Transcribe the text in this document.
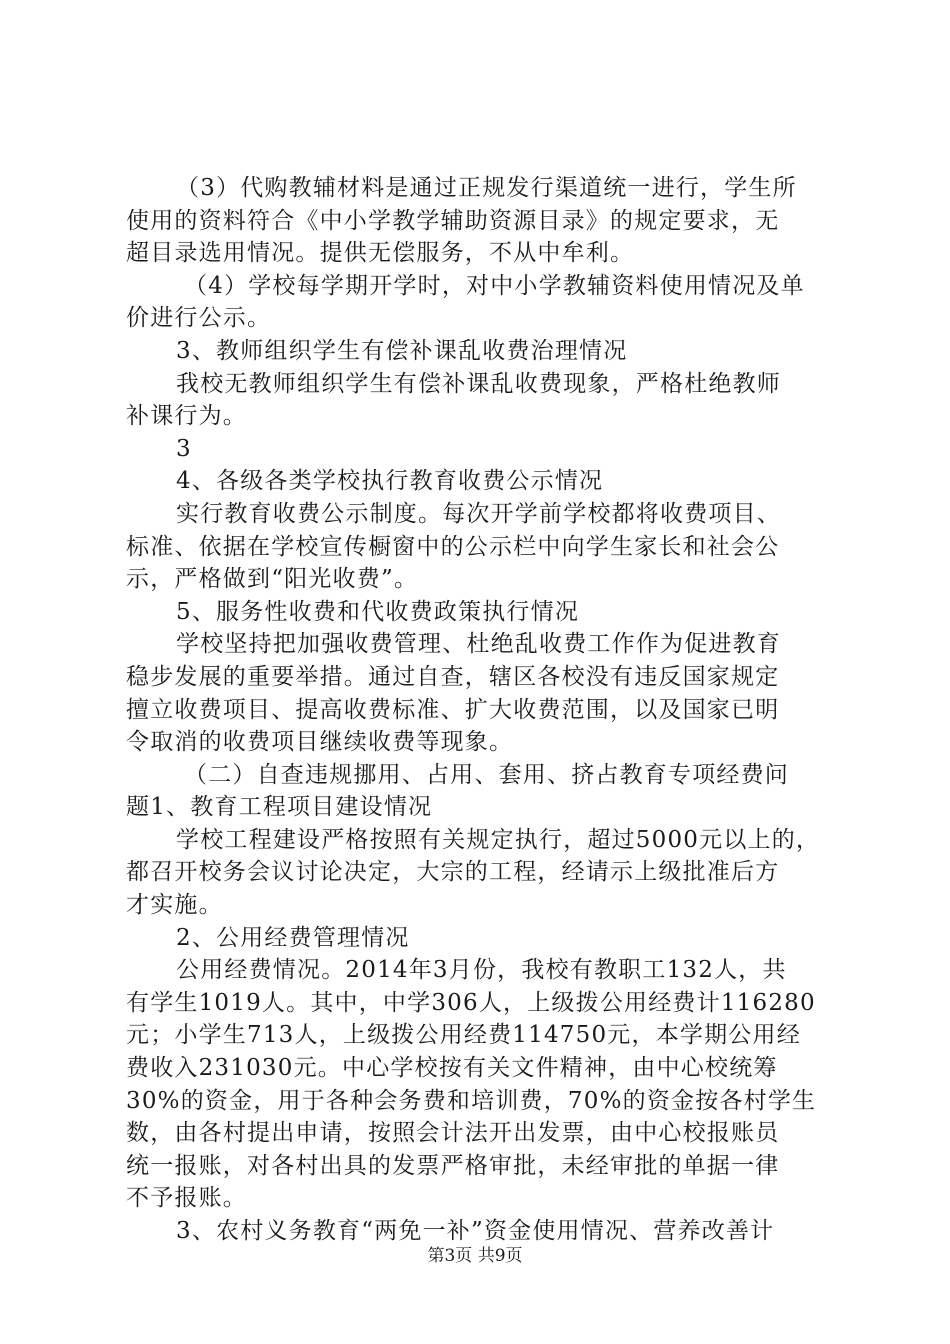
（3）代购教辅材料是通过正规发行渠道统一进行，学生所
使用的资料符合《中小学教学辅助资源目录》的规定要求，无
超目录选用情况。提供无偿服务，不从中牟利。
（4）学校每学期开学时，对中小学教辅资料使用情况及单
价进行公示。
3、教师组织学生有偿补课乱收费治理情况
我校无教师组织学生有偿补课乱收费现象，严格杜绝教师
补课行为。
3
4、各级各类学校执行教育收费公示情况
实行教育收费公示制度。每次开学前学校都将收费项目、
标准、依据在学校宣传橱窗中的公示栏中向学生家长和社会公
示，严格做到“阳光收费”。
5、服务性收费和代收费政策执行情况
学校坚持把加强收费管理、杜绝乱收费工作作为促进教育
稳步发展的重要举措。通过自查，辖区各校没有违反国家规定
擅立收费项目、提高收费标准、扩大收费范围，以及国家已明
令取消的收费项目继续收费等现象。
（二）自查违规挪用、占用、套用、挤占教育专项经费问
题1、教育工程项目建设情况
学校工程建设严格按照有关规定执行，超过5000元以上的，
都召开校务会议讨论决定，大宗的工程，经请示上级批准后方
才实施。
2、公用经费管理情况
公用经费情况。2014年3月份，我校有教职工132人，共
有学生1019人。其中，中学306人，上级拨公用经费计116280
元；小学生713人，上级拨公用经费114750元，本学期公用经
费收入231030元。中心学校按有关文件精神，由中心校统筹
30%的资金，用于各种会务费和培训费，70%的资金按各村学生
数，由各村提出申请，按照会计法开出发票，由中心校报账员
统一报账，对各村出具的发票严格审批，未经审批的单据一律
不予报账。
3、农村义务教育“两免一补”资金使用情况、营养改善计
第3页 共9页
